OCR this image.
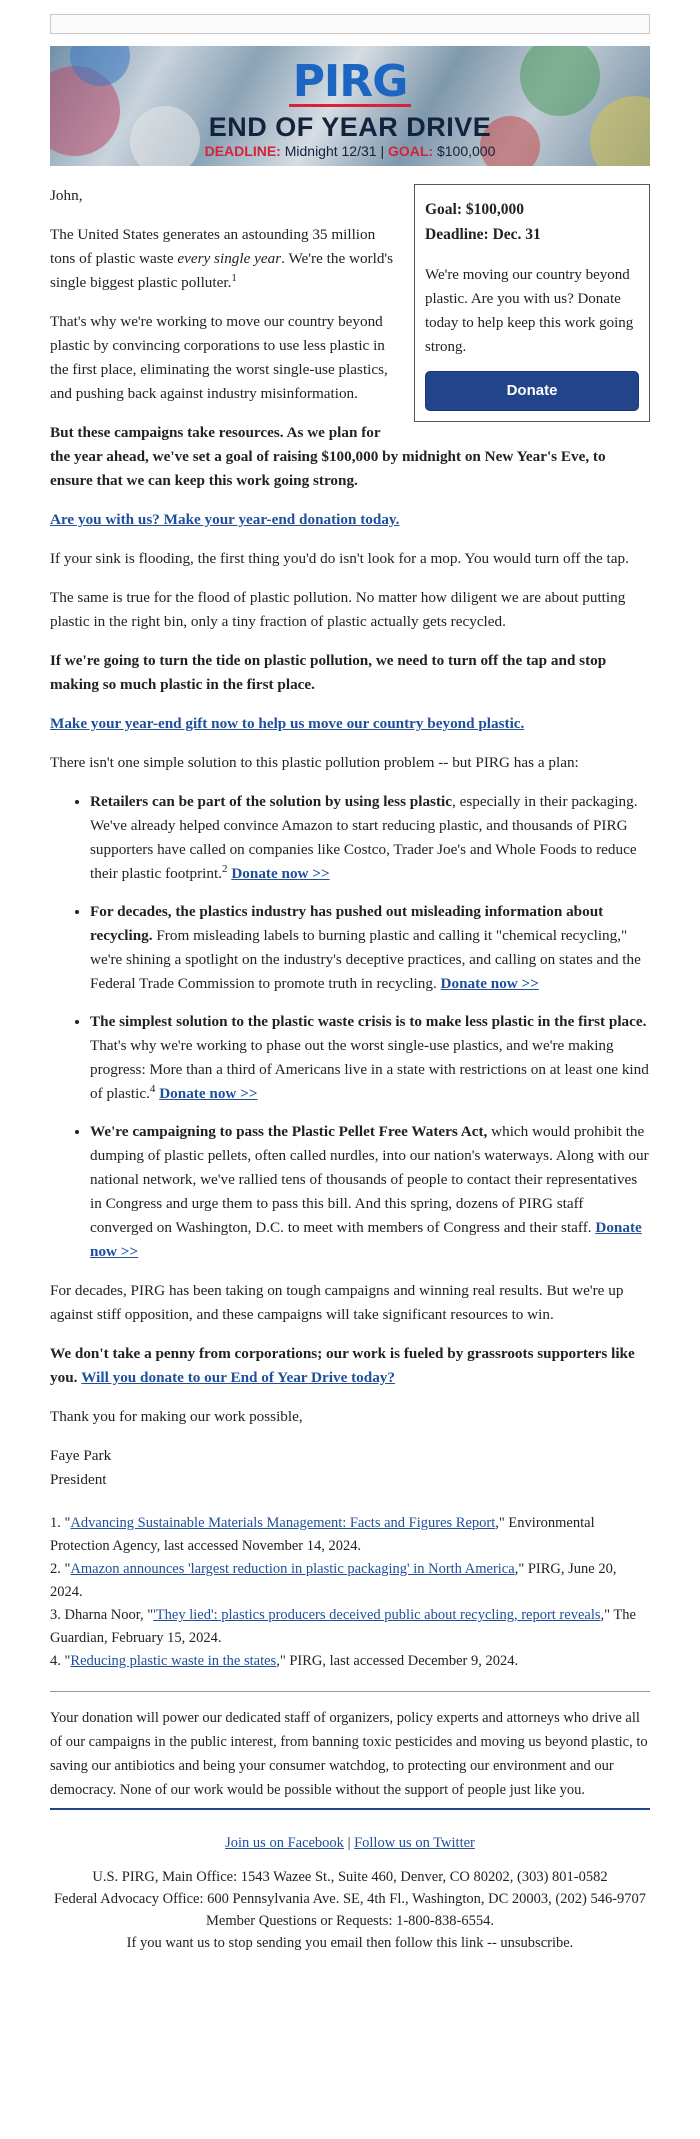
PIRG
END OF YEAR DRIVE
DEADLINE: Midnight 12/31 | GOAL: $100,000
Goal: $100,000
Deadline: Dec. 31
We're moving our country beyond plastic. Are you with us? Donate today to help keep this work going strong.
Donate

John,

The United States generates an astounding 35 million tons of plastic waste every single year. We're the world's single biggest plastic polluter.$^1$

That's why we're working to move our country beyond plastic by convincing corporations to use less plastic in the first place, eliminating the worst single-use plastics, and pushing back against industry misinformation.

But these campaigns take resources. As we plan for the year ahead, we've set a goal of raising $100,000 by midnight on New Year's Eve, to ensure that we can keep this work going strong.

Are you with us? Make your year-end donation today.

If your sink is flooding, the first thing you'd do isn't look for a mop. You would turn off the tap.

The same is true for the flood of plastic pollution. No matter how diligent we are about putting plastic in the right bin, only a tiny fraction of plastic actually gets recycled.

If we're going to turn the tide on plastic pollution, we need to turn off the tap and stop making so much plastic in the first place.

Make your year-end gift now to help us move our country beyond plastic.

There isn't one simple solution to this plastic pollution problem -- but PIRG has a plan:

• Retailers can be part of the solution by using less plastic, especially in their packaging. We've already helped convince Amazon to start reducing plastic, and thousands of PIRG supporters have called on companies like Costco, Trader Joe's and Whole Foods to reduce their plastic footprint.$^2$ Donate now >>
• For decades, the plastics industry has pushed out misleading information about recycling. From misleading labels to burning plastic and calling it "chemical recycling," we're shining a spotlight on the industry's deceptive practices, and calling on states and the Federal Trade Commission to promote truth in recycling. Donate now >>
• The simplest solution to the plastic waste crisis is to make less plastic in the first place. That's why we're working to phase out the worst single-use plastics, and we're making progress: More than a third of Americans live in a state with restrictions on at least one kind of plastic.$^4$ Donate now >>
• We're campaigning to pass the Plastic Pellet Free Waters Act, which would prohibit the dumping of plastic pellets, often called nurdles, into our nation's waterways. Along with our national network, we've rallied tens of thousands of people to contact their representatives in Congress and urge them to pass this bill. And this spring, dozens of PIRG staff converged on Washington, D.C. to meet with members of Congress and their staff. Donate now >>

For decades, PIRG has been taking on tough campaigns and winning real results. But we're up against stiff opposition, and these campaigns will take significant resources to win.

We don't take a penny from corporations; our work is fueled by grassroots supporters like you. Will you donate to our End of Year Drive today?

Thank you for making our work possible,

Faye Park
President

1. "Advancing Sustainable Materials Management: Facts and Figures Report," Environmental Protection Agency, last accessed November 14, 2024.
2. "Amazon announces 'largest reduction in plastic packaging' in North America," PIRG, June 20, 2024.
3. Dharna Noor, "'They lied': plastics producers deceived public about recycling, report reveals," The Guardian, February 15, 2024.
4. "Reducing plastic waste in the states," PIRG, last accessed December 9, 2024.
Your donation will power our dedicated staff of organizers, policy experts and attorneys who drive all of our campaigns in the public interest, from banning toxic pesticides and moving us beyond plastic, to saving our antibiotics and being your consumer watchdog, to protecting our environment and our democracy. None of our work would be possible without the support of people just like you.
Join us on Facebook | Follow us on Twitter
U.S. PIRG, Main Office: 1543 Wazee St., Suite 460, Denver, CO 80202, (303) 801-0582
Federal Advocacy Office: 600 Pennsylvania Ave. SE, 4th Fl., Washington, DC 20003, (202) 546-9707
Member Questions or Requests: 1-800-838-6554.
If you want us to stop sending you email then follow this link -- unsubscribe.
